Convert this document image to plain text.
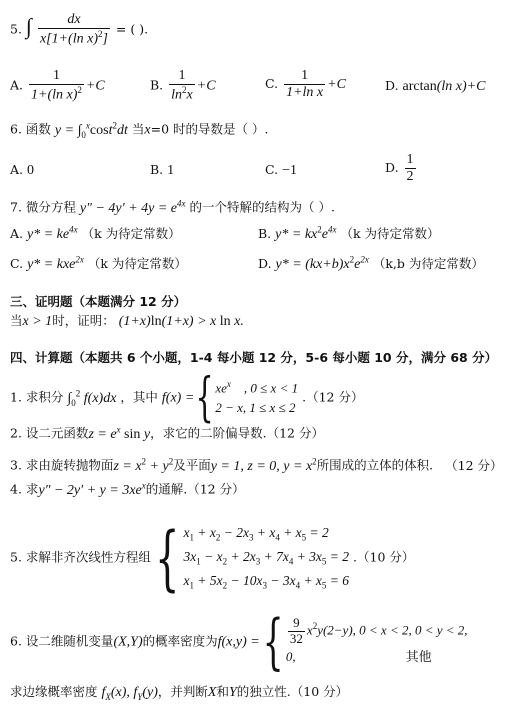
5. ∫ $\frac{dx}{x[1+(\ln x)^2]}$ = ( ).
A. $\frac{1}{1+(\ln x)^2} +C$	B. $\frac{1}{\ln^2x} +C$	C. $\frac{1}{\text{1+ln x}} +C$	D. arctan(ln x)+C
6. 函数 $y = \int_0^x\cos t^2dt$ 当x=0 时的导数是（ ）.
A. 0	B. 1	C. −1	D. $\frac{1}{2}$
7. 微分方程 $y'' - 4y' + 4y = e^{4x}$ 的一个特解的结构为（ ）.
A. $y* = ke^{4x}$ （k 为待定常数）	B. $y* = kx^2e^{4x}$ （k 为待定常数）
C. y* = kxe$^{2x}$ （k 为待定常数）	D. $y* = (kx+b)x^2e^{2x}$ （k,b 为待定常数）
三、证明题（本题满分 12 分）
当x > 1时，证明： (1+x)ln(1+x) > x ln x.
四、计算题（本题共 6 个小题，1-4 每小题 12 分，5-6 每小题 10 分，满分 68 分）
1. 求积分 $\int_0^2$ f(x)dx ，其中 f(x) ={ $xe^x$    , 0 ≤ x < 1
2 − x, 1 ≤ x ≤ 2
.（12 分）
2. 设二元函数$z = e^x$ sin y，求它的二阶偏导数.（12 分）
3. 求由旋转抛物面$z = x^2 + y^2$及平面y = 1, z = 0, $y = x^2$所围成的立体的体积. （12 分）
4. 求$y'' - 2y' + y = 3xe^x$的通解.（12 分）
5. 求解非齐次线性方程组{ $x_1 + x_2 - 2x_3 + x_4 + x_5 = 2$
$3x_1 - x_2 + 2x_3 + 7x_4 + 3x_5 = 2$
$x_1 + 5x_2 - 10x_3 - 3x_4 + x_5 = 6$
.（10 分）
6. 设二维随机变量(X,Y)的概率密度为f(x,y) ={ $\frac{9}{32} x^2y(2-y)$, 0 < x < 2, 0 < y < 2,
0,	其他
求边缘概率密度 $f_X(x)$, $f_Y(y)$，并判断X和Y的独立性.（10 分）
